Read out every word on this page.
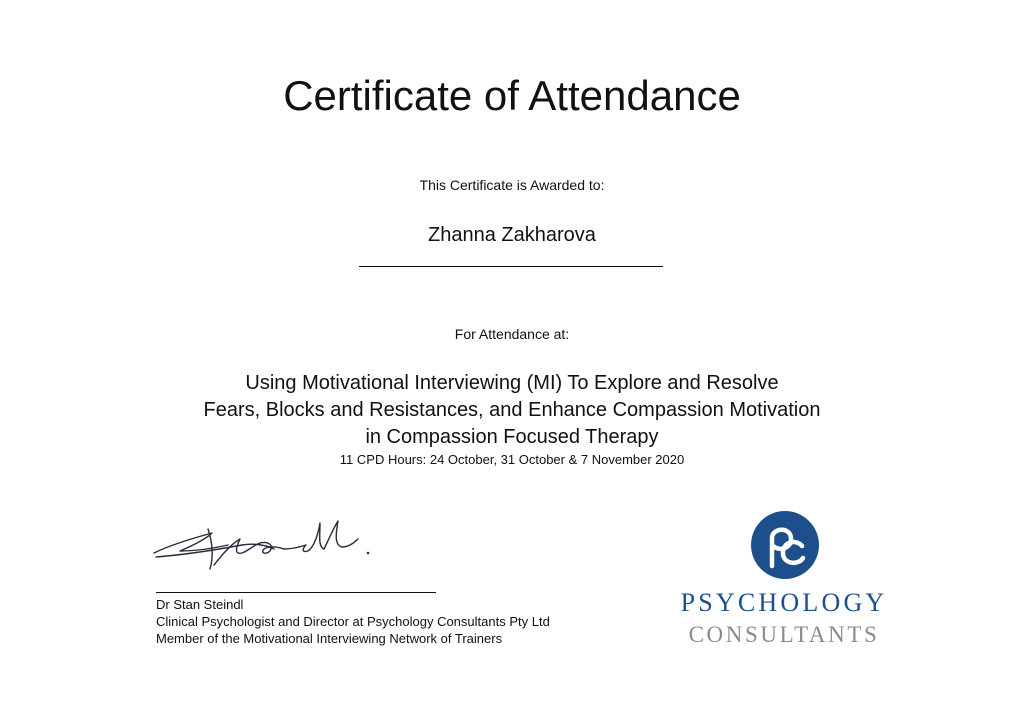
Certificate of Attendance
This Certificate is Awarded to:
Zhanna Zakharova
For Attendance at:
Using Motivational Interviewing (MI) To Explore and Resolve
Fears, Blocks and Resistances, and Enhance Compassion Motivation
in Compassion Focused Therapy
11 CPD Hours: 24 October, 31 October & 7 November 2020
Dr Stan Steindl
Clinical Psychologist and Director at Psychology Consultants Pty Ltd
Member of the Motivational Interviewing Network of Trainers
PSYCHOLOGY
CONSULTANTS
